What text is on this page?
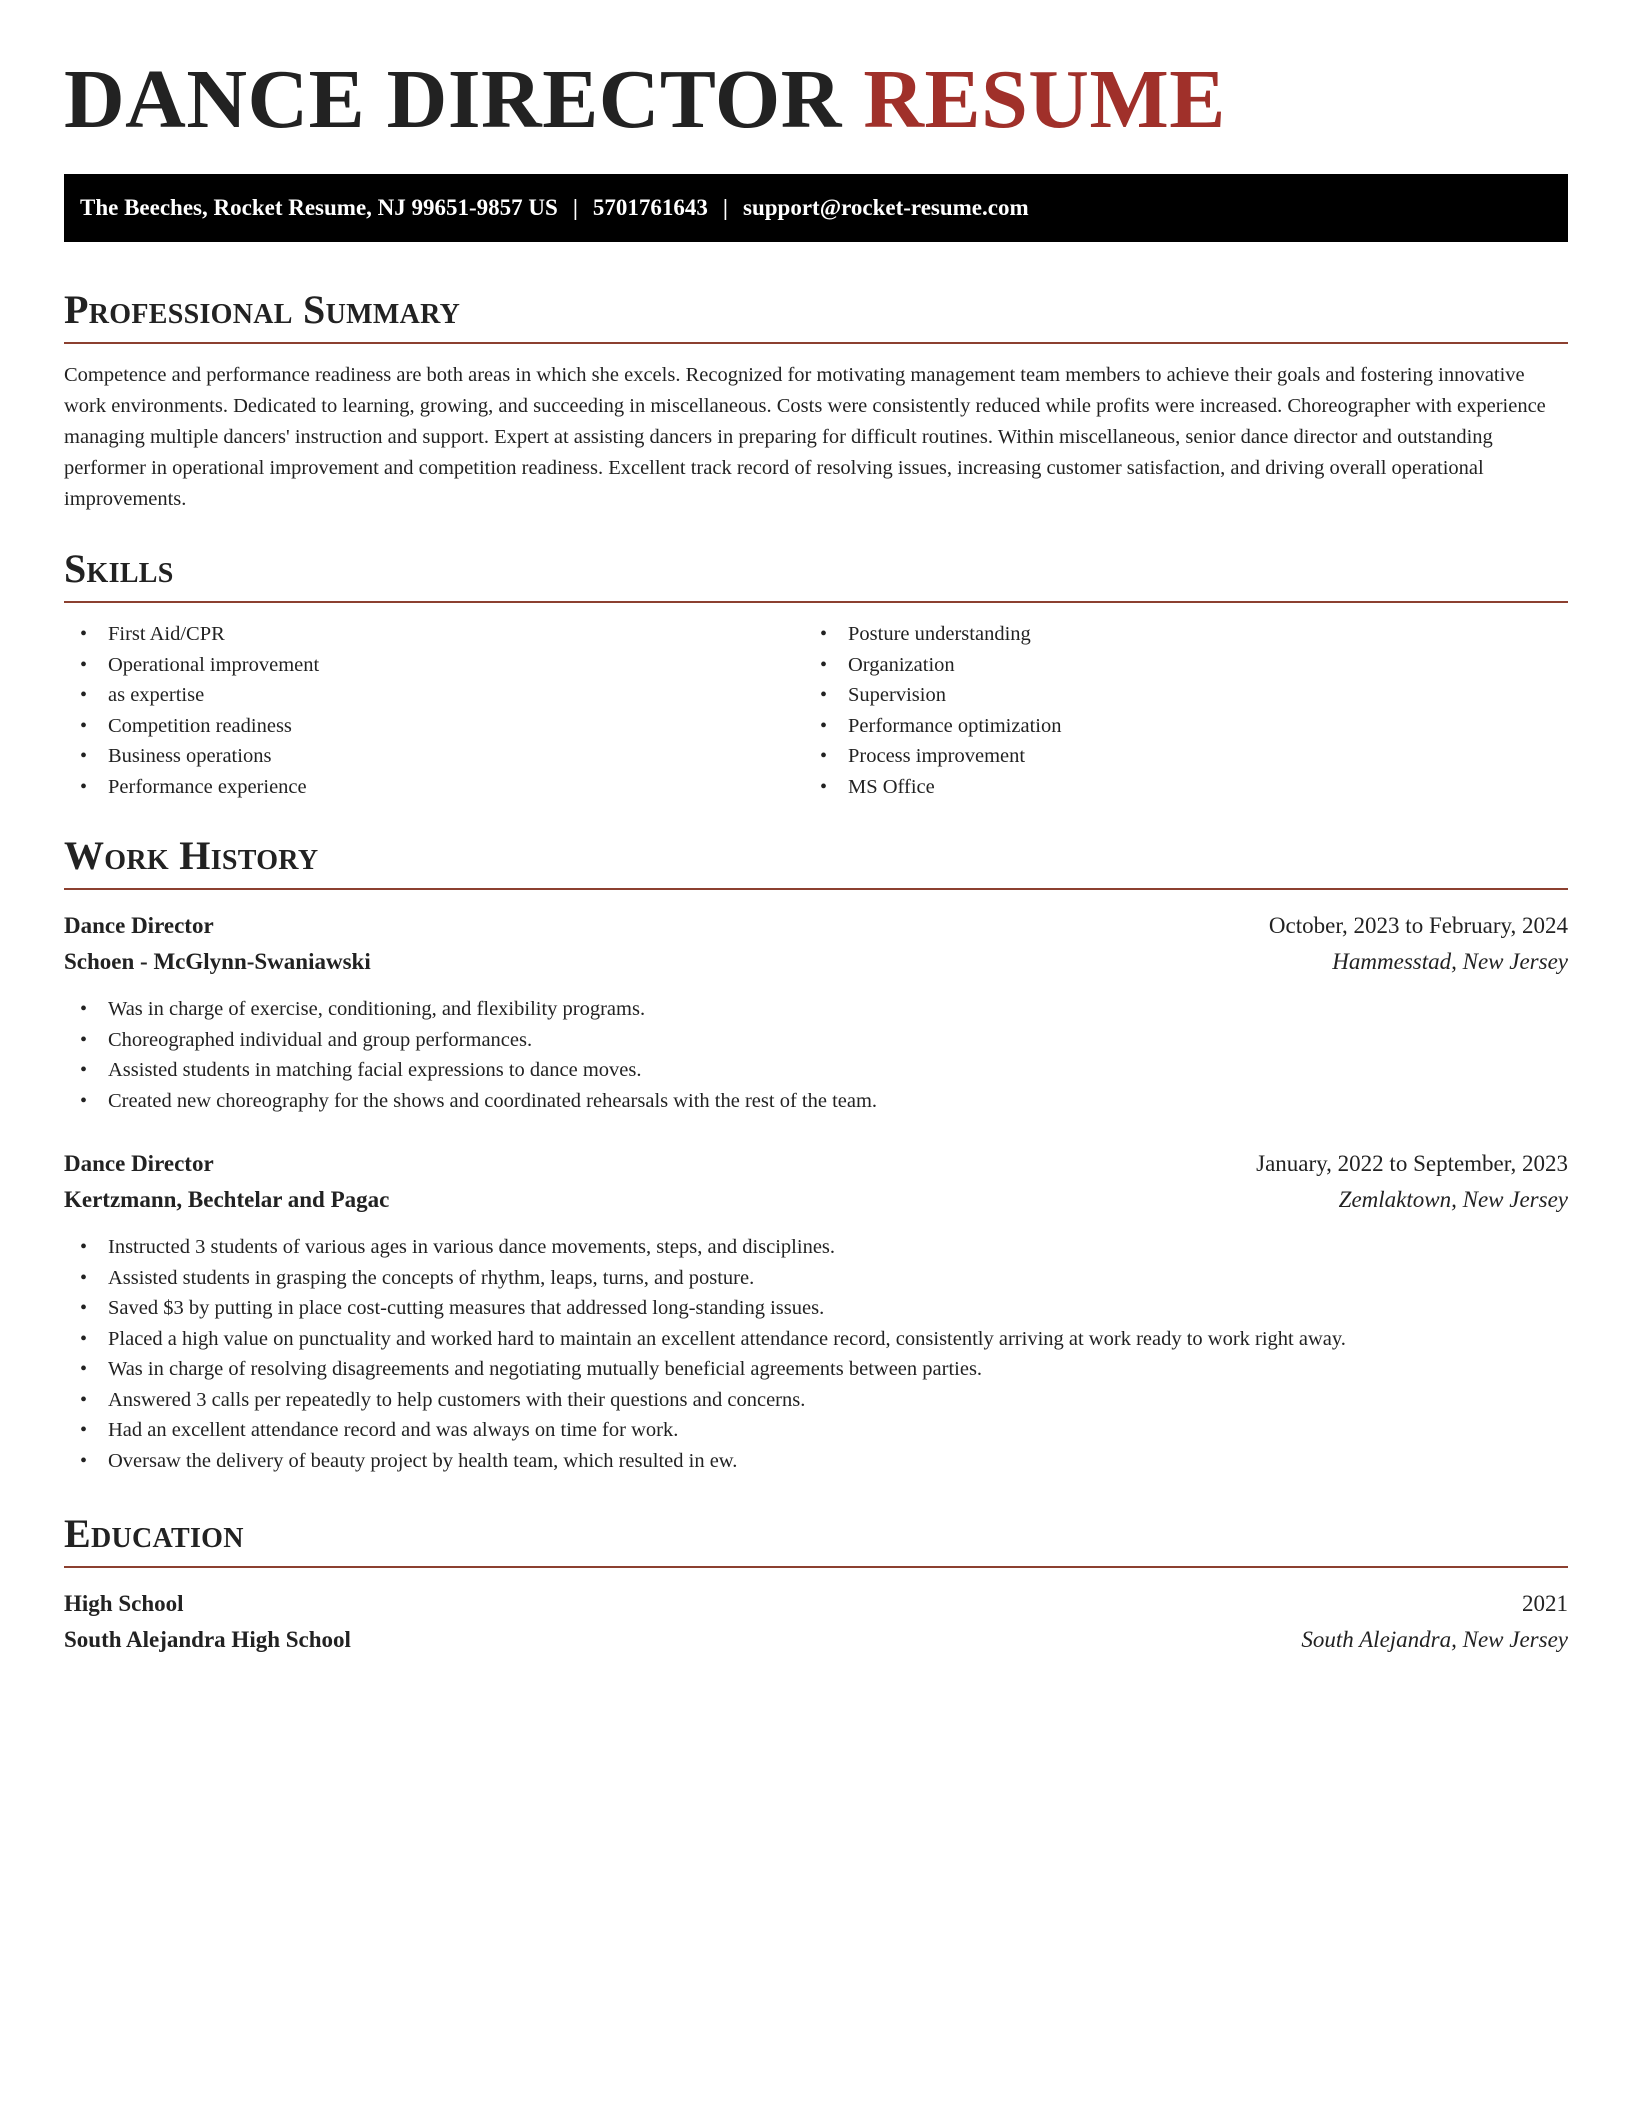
DANCE DIRECTOR RESUME
The Beeches, Rocket Resume, NJ 99651-9857 US | 5701761643 | support@rocket-resume.com
Professional Summary

Competence and performance readiness are both areas in which she excels. Recognized for motivating management team members to achieve their goals and fostering innovative work environments. Dedicated to learning, growing, and succeeding in miscellaneous. Costs were consistently reduced while profits were increased. Choreographer with experience managing multiple dancers' instruction and support. Expert at assisting dancers in preparing for difficult routines. Within miscellaneous, senior dance director and outstanding performer in operational improvement and competition readiness. Excellent track record of resolving issues, increasing customer satisfaction, and driving overall operational improvements.

Skills
• First Aid/CPR
• Operational improvement
• as expertise
• Competition readiness
• Business operations
• Performance experience
• Posture understanding
• Organization
• Supervision
• Performance optimization
• Process improvement
• MS Office
Work History
Dance Director	October, 2023 to February, 2024
Schoen - McGlynn-Swaniawski	Hammesstad, New Jersey
• Was in charge of exercise, conditioning, and flexibility programs.
• Choreographed individual and group performances.
• Assisted students in matching facial expressions to dance moves.
• Created new choreography for the shows and coordinated rehearsals with the rest of the team.
Dance Director	January, 2022 to September, 2023
Kertzmann, Bechtelar and Pagac	Zemlaktown, New Jersey
• Instructed 3 students of various ages in various dance movements, steps, and disciplines.
• Assisted students in grasping the concepts of rhythm, leaps, turns, and posture.
• Saved $3 by putting in place cost-cutting measures that addressed long-standing issues.
• Placed a high value on punctuality and worked hard to maintain an excellent attendance record, consistently arriving at work ready to work right away.
• Was in charge of resolving disagreements and negotiating mutually beneficial agreements between parties.
• Answered 3 calls per repeatedly to help customers with their questions and concerns.
• Had an excellent attendance record and was always on time for work.
• Oversaw the delivery of beauty project by health team, which resulted in ew.
Education
High School	2021
South Alejandra High School	South Alejandra, New Jersey
